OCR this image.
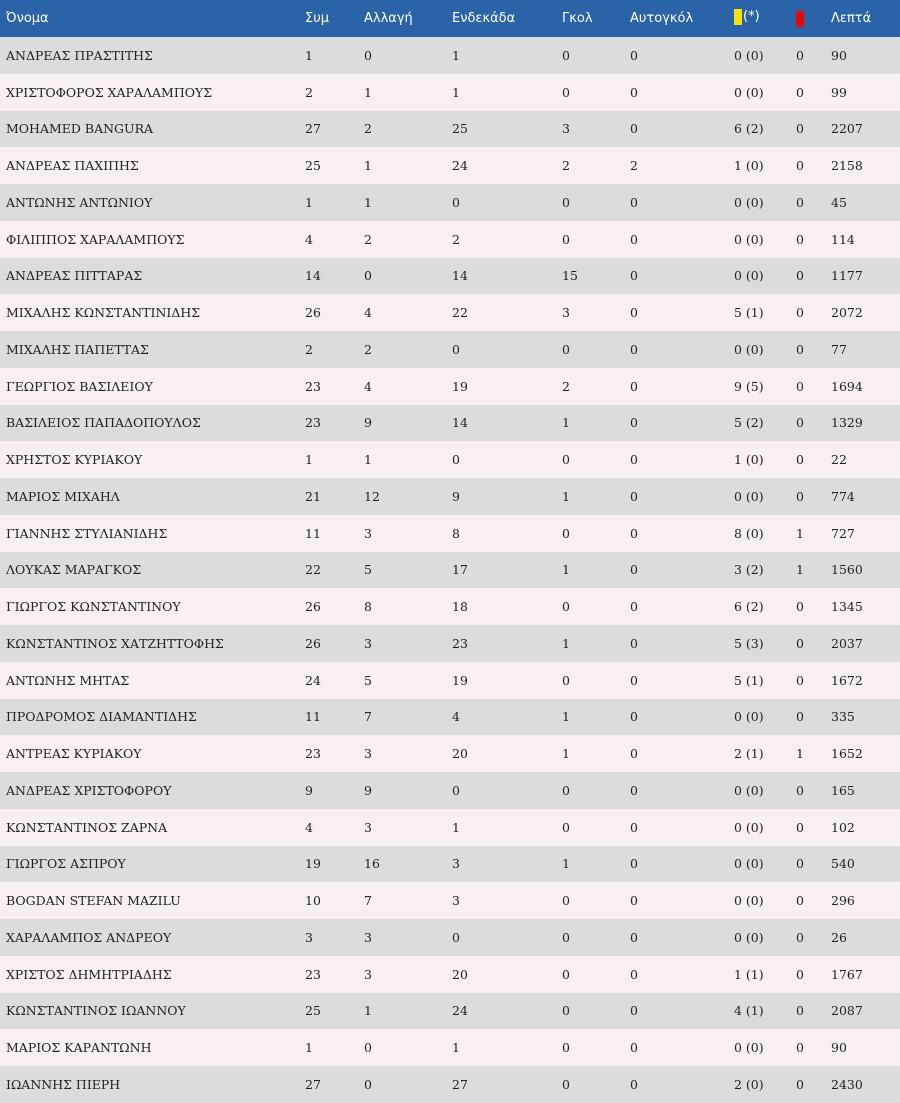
Όνομα	Συμ	Αλλαγή	Ενδεκάδα	Γκολ	Αυτογκόλ	(*)		Λεπτά
ΑΝΔΡΕΑΣ ΠΡΑΣΤΙΤΗΣ	1	0	1	0	0	0 (0)	0	90
ΧΡΙΣΤΟΦΟΡΟΣ ΧΑΡΑΛΑΜΠΟΥΣ	2	1	1	0	0	0 (0)	0	99
MOHAMED BANGURA	27	2	25	3	0	6 (2)	0	2207
ΑΝΔΡΕΑΣ ΠΑΧΙΠΗΣ	25	1	24	2	2	1 (0)	0	2158
ΑΝΤΩΝΗΣ ΑΝΤΩΝΙΟΥ	1	1	0	0	0	0 (0)	0	45
ΦΙΛΙΠΠΟΣ ΧΑΡΑΛΑΜΠΟΥΣ	4	2	2	0	0	0 (0)	0	114
ΑΝΔΡΕΑΣ ΠΙΤΤΑΡΑΣ	14	0	14	15	0	0 (0)	0	1177
ΜΙΧΑΛΗΣ ΚΩΝΣΤΑΝΤΙΝΙΔΗΣ	26	4	22	3	0	5 (1)	0	2072
ΜΙΧΑΛΗΣ ΠΑΠΕΤΤΑΣ	2	2	0	0	0	0 (0)	0	77
ΓΕΩΡΓΙΟΣ ΒΑΣΙΛΕΙΟΥ	23	4	19	2	0	9 (5)	0	1694
ΒΑΣΙΛΕΙΟΣ ΠΑΠΑΔΟΠΟΥΛΟΣ	23	9	14	1	0	5 (2)	0	1329
ΧΡΗΣΤΟΣ ΚΥΡΙΑΚΟΥ	1	1	0	0	0	1 (0)	0	22
ΜΑΡΙΟΣ ΜΙΧΑΗΛ	21	12	9	1	0	0 (0)	0	774
ΓΙΑΝΝΗΣ ΣΤΥΛΙΑΝΙΔΗΣ	11	3	8	0	0	8 (0)	1	727
ΛΟΥΚΑΣ ΜΑΡΑΓΚΟΣ	22	5	17	1	0	3 (2)	1	1560
ΓΙΩΡΓΟΣ ΚΩΝΣΤΑΝΤΙΝΟΥ	26	8	18	0	0	6 (2)	0	1345
ΚΩΝΣΤΑΝΤΙΝΟΣ ΧΑΤΖΗΤΤΟΦΗΣ	26	3	23	1	0	5 (3)	0	2037
ΑΝΤΩΝΗΣ ΜΗΤΑΣ	24	5	19	0	0	5 (1)	0	1672
ΠΡΟΔΡΟΜΟΣ ΔΙΑΜΑΝΤΙΔΗΣ	11	7	4	1	0	0 (0)	0	335
ΑΝΤΡΕΑΣ ΚΥΡΙΑΚΟΥ	23	3	20	1	0	2 (1)	1	1652
ΑΝΔΡΕΑΣ ΧΡΙΣΤΟΦΟΡΟΥ	9	9	0	0	0	0 (0)	0	165
ΚΩΝΣΤΑΝΤΙΝΟΣ ΖΑΡΝΑ	4	3	1	0	0	0 (0)	0	102
ΓΙΩΡΓΟΣ ΑΣΠΡΟΥ	19	16	3	1	0	0 (0)	0	540
BOGDAN STEFAN MAZILU	10	7	3	0	0	0 (0)	0	296
ΧΑΡΑΛΑΜΠΟΣ ΑΝΔΡΕΟΥ	3	3	0	0	0	0 (0)	0	26
ΧΡΙΣΤΟΣ ΔΗΜΗΤΡΙΑΔΗΣ	23	3	20	0	0	1 (1)	0	1767
ΚΩΝΣΤΑΝΤΙΝΟΣ ΙΩΑΝΝΟΥ	25	1	24	0	0	4 (1)	0	2087
ΜΑΡΙΟΣ ΚΑΡΑΝΤΩΝΗ	1	0	1	0	0	0 (0)	0	90
ΙΩΑΝΝΗΣ ΠΙΕΡΗ	27	0	27	0	0	2 (0)	0	2430
